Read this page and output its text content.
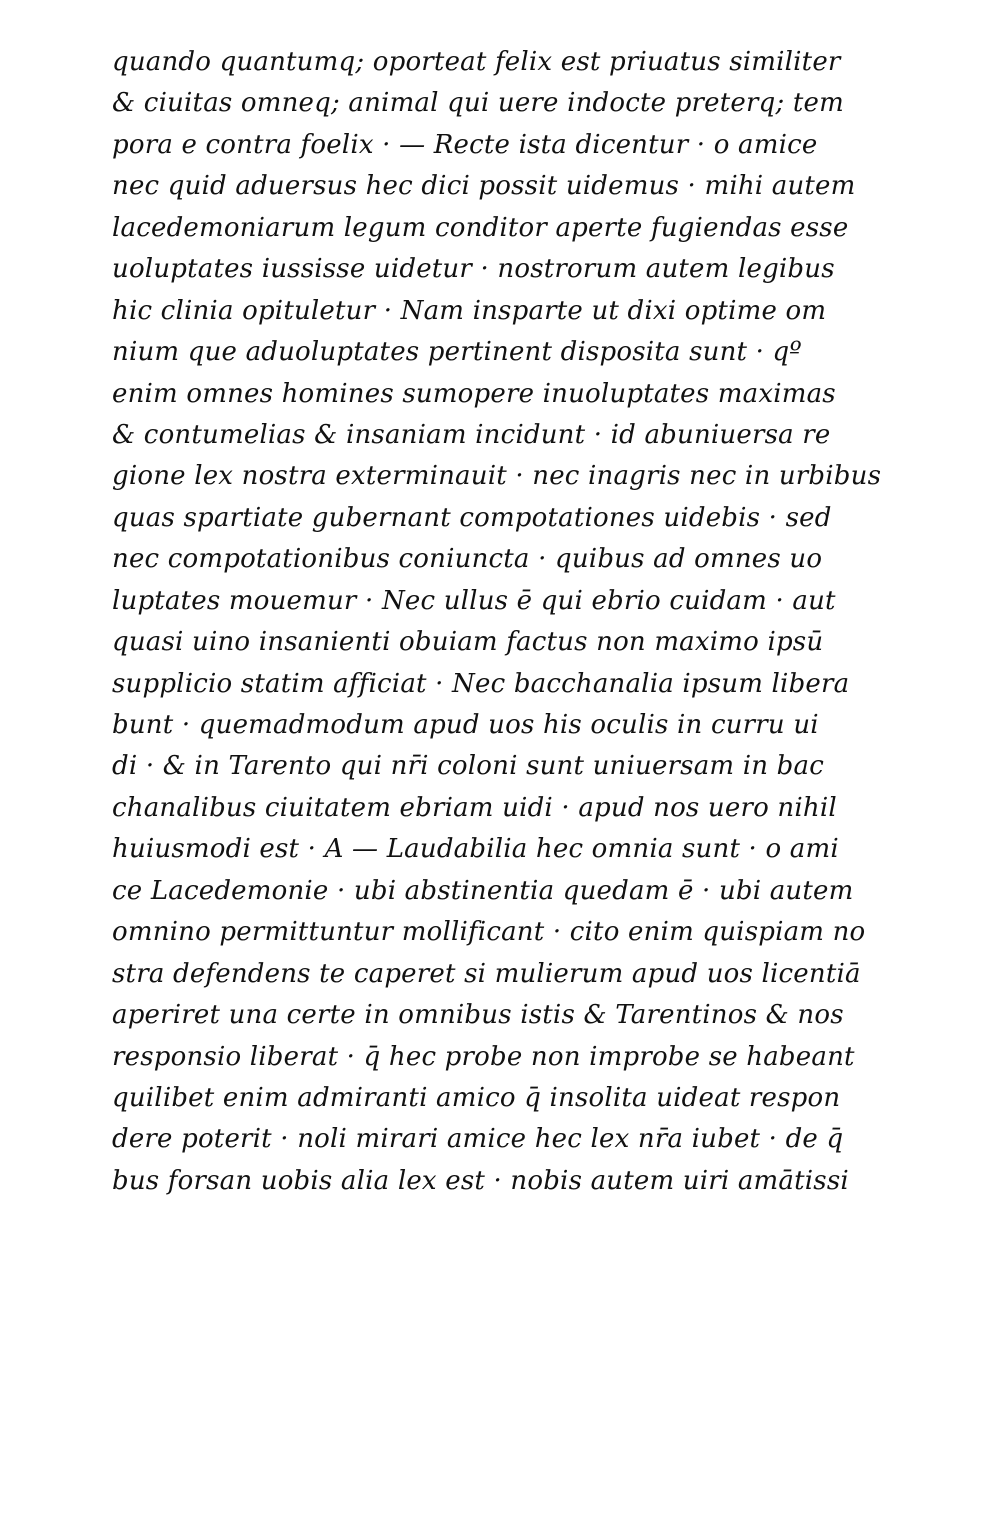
quando quantumq; oporteat felix est priuatus similiter
& ciuitas omneq; animal qui uere indocte preterq; tem
pora e contra foelix · — Recte ista dicentur · o amice
nec quid aduersus hec dici possit uidemus · mihi autem
lacedemoniarum legum conditor aperte fugiendas esse
uoluptates iussisse uidetur · nostrorum autem legibus
hic clinia opituletur · Nam insparte ut dixi optime om
nium que aduoluptates pertinent disposita sunt · qº
enim omnes homines sumopere inuoluptates maximas
& contumelias & insaniam incidunt · id abuniuersa re
gione lex nostra exterminauit · nec inagris nec in urbibus
quas spartiate gubernant compotationes uidebis · sed
nec compotationibus coniuncta · quibus ad omnes uo
luptates mouemur · Nec ullus ē qui ebrio cuidam · aut
quasi uino insanienti obuiam factus non maximo ipsū
supplicio statim afficiat · Nec bacchanalia ipsum libera
bunt · quemadmodum apud uos his oculis in curru ui
di · & in Tarento qui nr̄i coloni sunt uniuersam in bac
chanalibus ciuitatem ebriam uidi · apud nos uero nihil
huiusmodi est · A — Laudabilia hec omnia sunt · o ami
ce Lacedemonie · ubi abstinentia quedam ē · ubi autem
omnino permittuntur mollificant · cito enim quispiam no
stra defendens te caperet si mulierum apud uos licentiā
aperiret una certe in omnibus istis & Tarentinos & nos
responsio liberat · q̄ hec probe non improbe se habeant
quilibet enim admiranti amico q̄ insolita uideat respon
dere poterit · noli mirari amice hec lex nr̄a iubet · de q̄
bus forsan uobis alia lex est · nobis autem uiri amātissi
